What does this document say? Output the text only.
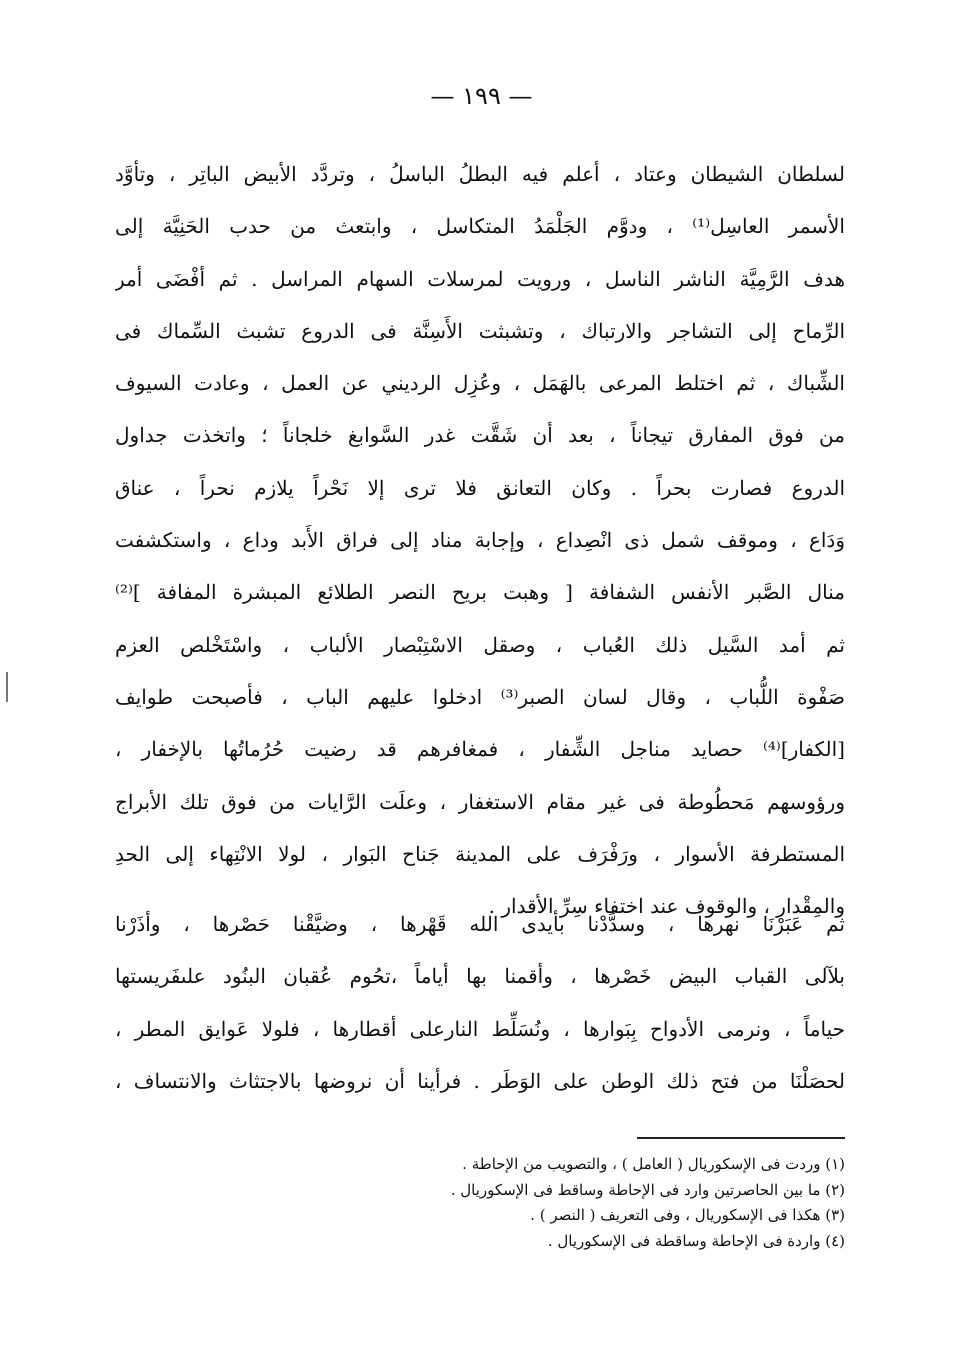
— ١٩٩ —
لسلطان الشيطان وعتاد ، أعلم فيه البطلُ الباسلُ ، وتردَّد الأبيض الباتِر ، وتأوَّد
الأسمر العاسِل⁽¹⁾ ، ودوَّم الجَلْمَدُ المتكاسل ، وابتعث من حدب الحَنِيَّة إلى
هدف الرَّمِيَّة الناشر الناسل ، ورويت لمرسلات السهام المراسل . ثم أفْضَى أمر
الرِّماح إلى التشاجر والارتباك ، وتشبثت الأَسِنَّة فى الدروع تشبث السِّماك فى
الشِّباك ، ثم اختلط المرعى بالهَمَل ، وعُزِل الرديني عن العمل ، وعادت السيوف
من فوق المفارق تيجاناً ، بعد أن شَقَّت غدر السَّوابغ خلجاناً ؛ واتخذت جداول
الدروع فصارت بحراً . وكان التعانق فلا ترى إلا نَحْراً يلازم نحراً ، عناق
وَدَاع ، وموقف شمل ذى انْصِداع ، وإجابة مناد إلى فراق الأَبد وداع ، واستكشفت
منال الصَّبر الأنفس الشفافة [ وهبت بريح النصر الطلائع المبشرة المفافة ]⁽²⁾
ثم أمد السَّيل ذلك العُباب ، وصقل الاسْتِبْصار الألباب ، واسْتَخْلص العزم
صَفْوة اللُّباب ، وقال لسان الصبر⁽³⁾ ادخلوا عليهم الباب ، فأصبحت طوايف
[الكفار]⁽⁴⁾ حصايد مناجل الشِّفار ، فمغافرهم قد رضيت حُرُماتُها بالإخفار ،
ورؤوسهم مَحطُوطة فى غير مقام الاستغفار ، وعلَت الرَّايات من فوق تلك الأبراج
المستطرفة الأسوار ، ورَفْرَف على المدينة جَناح البَوار ، لولا الانْتِهاء إلى الحدِ
والمِقْدار ، والوقوف عند اختفاء سِرِّ الأقدار .
ثم عَبَرْنَا نهرها ، وسدَّدْنا بأيدى الله قَهْرها ، وضيَّقْنا حَصْرها ، وأذَرْنا
بلآلى القباب البيض خَصْرها ، وأقمنا بها أياماً ،تحُوم عُقبان البنُود علىفَريستها
حياماً ، ونرمى الأدواح بِبَوارها ، ونُسَلِّط النارعلى أقطارها ، فلولا عَوايق المطر ،
لحصَلْنَا من فتح ذلك الوطن على الوَطَر . فرأينا أن نروضها بالاجتثاث والانتساف ،
(١) وردت فى الإسكوريال ( العامل ) ، والتصويب من الإحاطة .
(٢) ما بين الحاصرتين وارد فى الإحاطة وساقط فى الإسكوريال .
(٣) هكذا فى الإسكوريال ، وفى التعريف ( النصر ) .
(٤) واردة فى الإحاطة وساقطة فى الإسكوريال .
